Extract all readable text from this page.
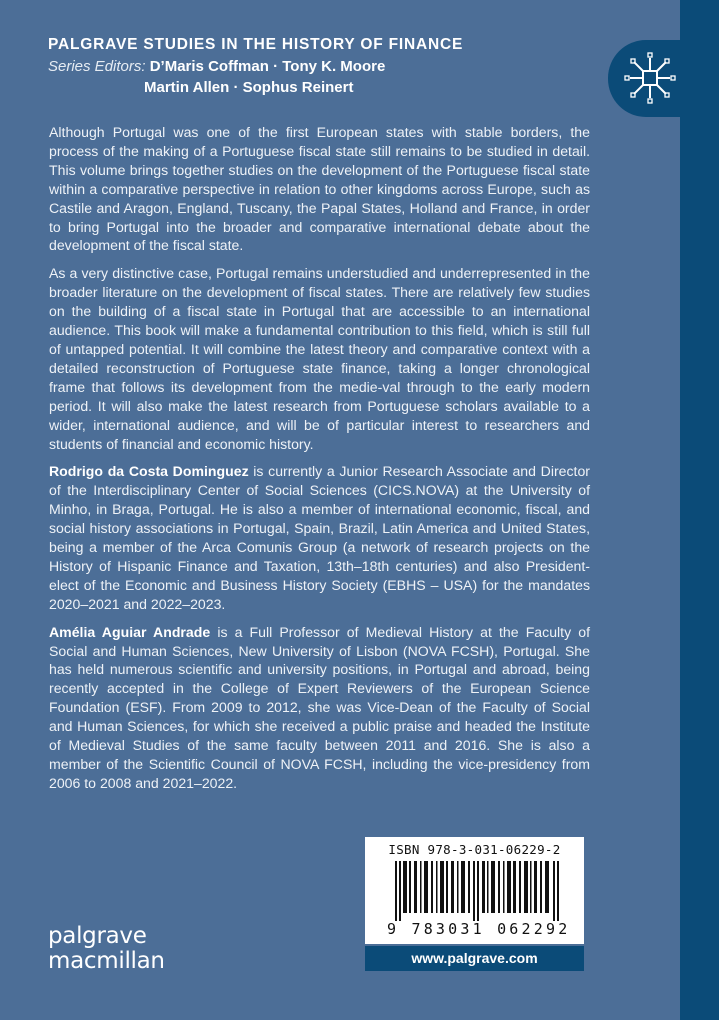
PALGRAVE STUDIES IN THE HISTORY OF FINANCE
Series Editors: D’Maris Coffman · Tony K. Moore
Martin Allen · Sophus Reinert

Although Portugal was one of the first European states with stable borders, the process of the making of a Portuguese fiscal state still remains to be studied in detail. This volume brings together studies on the development of the Portuguese fiscal state within a comparative perspective in relation to other kingdoms across Europe, such as Castile and Aragon, England, Tuscany, the Papal States, Holland and France, in order to bring Portugal into the broader and comparative international debate about the development of the fiscal state.

As a very distinctive case, Portugal remains understudied and underrepresented in the broader literature on the development of fiscal states. There are relatively few studies on the building of a fiscal state in Portugal that are accessible to an international audience. This book will make a fundamental contribution to this field, which is still full of untapped potential. It will combine the latest theory and comparative context with a detailed reconstruction of Portuguese state finance, taking a longer chronological frame that follows its development from the medie-val through to the early modern period. It will also make the latest research from Portuguese scholars available to a wider, international audience, and will be of particular interest to researchers and students of financial and economic history.

Rodrigo da Costa Dominguez is currently a Junior Research Associate and Director of the Interdisciplinary Center of Social Sciences (CICS.NOVA) at the University of Minho, in Braga, Portugal. He is also a member of international economic, fiscal, and social history associations in Portugal, Spain, Brazil, Latin America and United States, being a member of the Arca Comunis Group (a network of research projects on the History of Hispanic Finance and Taxation, 13th–18th centuries) and also President-elect of the Economic and Business History Society (EBHS – USA) for the mandates 2020–2021 and 2022–2023.

Amélia Aguiar Andrade is a Full Professor of Medieval History at the Faculty of Social and Human Sciences, New University of Lisbon (NOVA FCSH), Portugal. She has held numerous scientific and university positions, in Portugal and abroad, being recently accepted in the College of Expert Reviewers of the European Science Foundation (ESF). From 2009 to 2012, she was Vice-Dean of the Faculty of Social and Human Sciences, for which she received a public praise and headed the Institute of Medieval Studies of the same faculty between 2011 and 2016. She is also a member of the Scientific Council of NOVA FCSH, including the vice-presidency from 2006 to 2008 and 2021–2022.

ISBN 978-3-031-06229-2
9 783031 062292
www.palgrave.com
palgrave
macmillan
